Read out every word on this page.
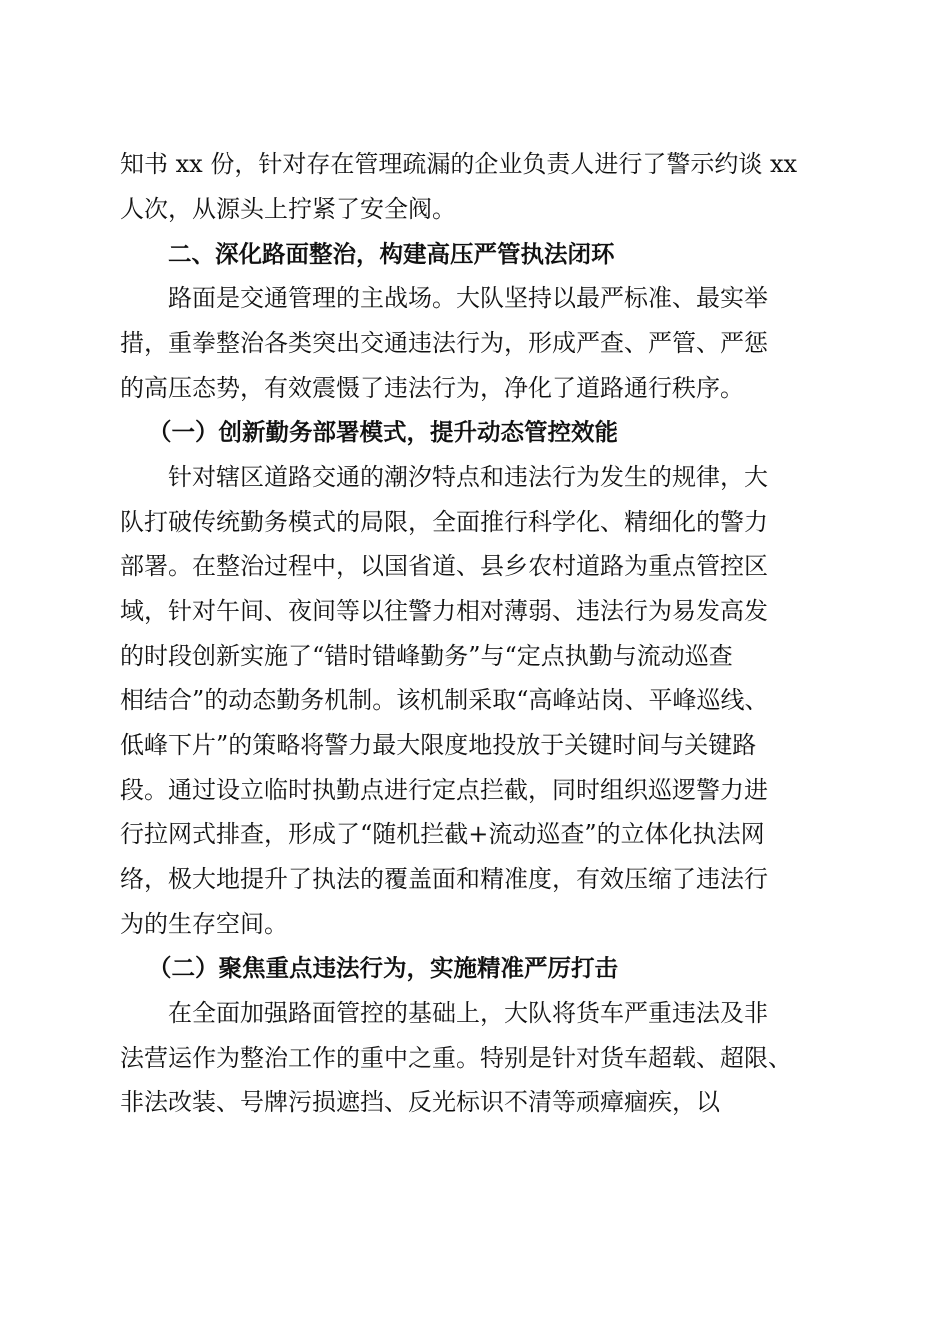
知书 xx 份，针对存在管理疏漏的企业负责人进行了警示约谈 xx
人次，从源头上拧紧了安全阀。
二、深化路面整治，构建高压严管执法闭环
路面是交通管理的主战场。大队坚持以最严标准、最实举
措，重拳整治各类突出交通违法行为，形成严查、严管、严惩
的高压态势，有效震慑了违法行为，净化了道路通行秩序。
（一）创新勤务部署模式，提升动态管控效能
针对辖区道路交通的潮汐特点和违法行为发生的规律，大
队打破传统勤务模式的局限，全面推行科学化、精细化的警力
部署。在整治过程中，以国省道、县乡农村道路为重点管控区
域，针对午间、夜间等以往警力相对薄弱、违法行为易发高发
的时段创新实施了“错时错峰勤务”与“定点执勤与流动巡查
相结合”的动态勤务机制。该机制采取“高峰站岗、平峰巡线、
低峰下片”的策略将警力最大限度地投放于关键时间与关键路
段。通过设立临时执勤点进行定点拦截，同时组织巡逻警力进
行拉网式排查，形成了“随机拦截+流动巡查”的立体化执法网
络，极大地提升了执法的覆盖面和精准度，有效压缩了违法行
为的生存空间。
（二）聚焦重点违法行为，实施精准严厉打击
在全面加强路面管控的基础上，大队将货车严重违法及非
法营运作为整治工作的重中之重。特别是针对货车超载、超限、
非法改装、号牌污损遮挡、反光标识不清等顽瘴痼疾，以
